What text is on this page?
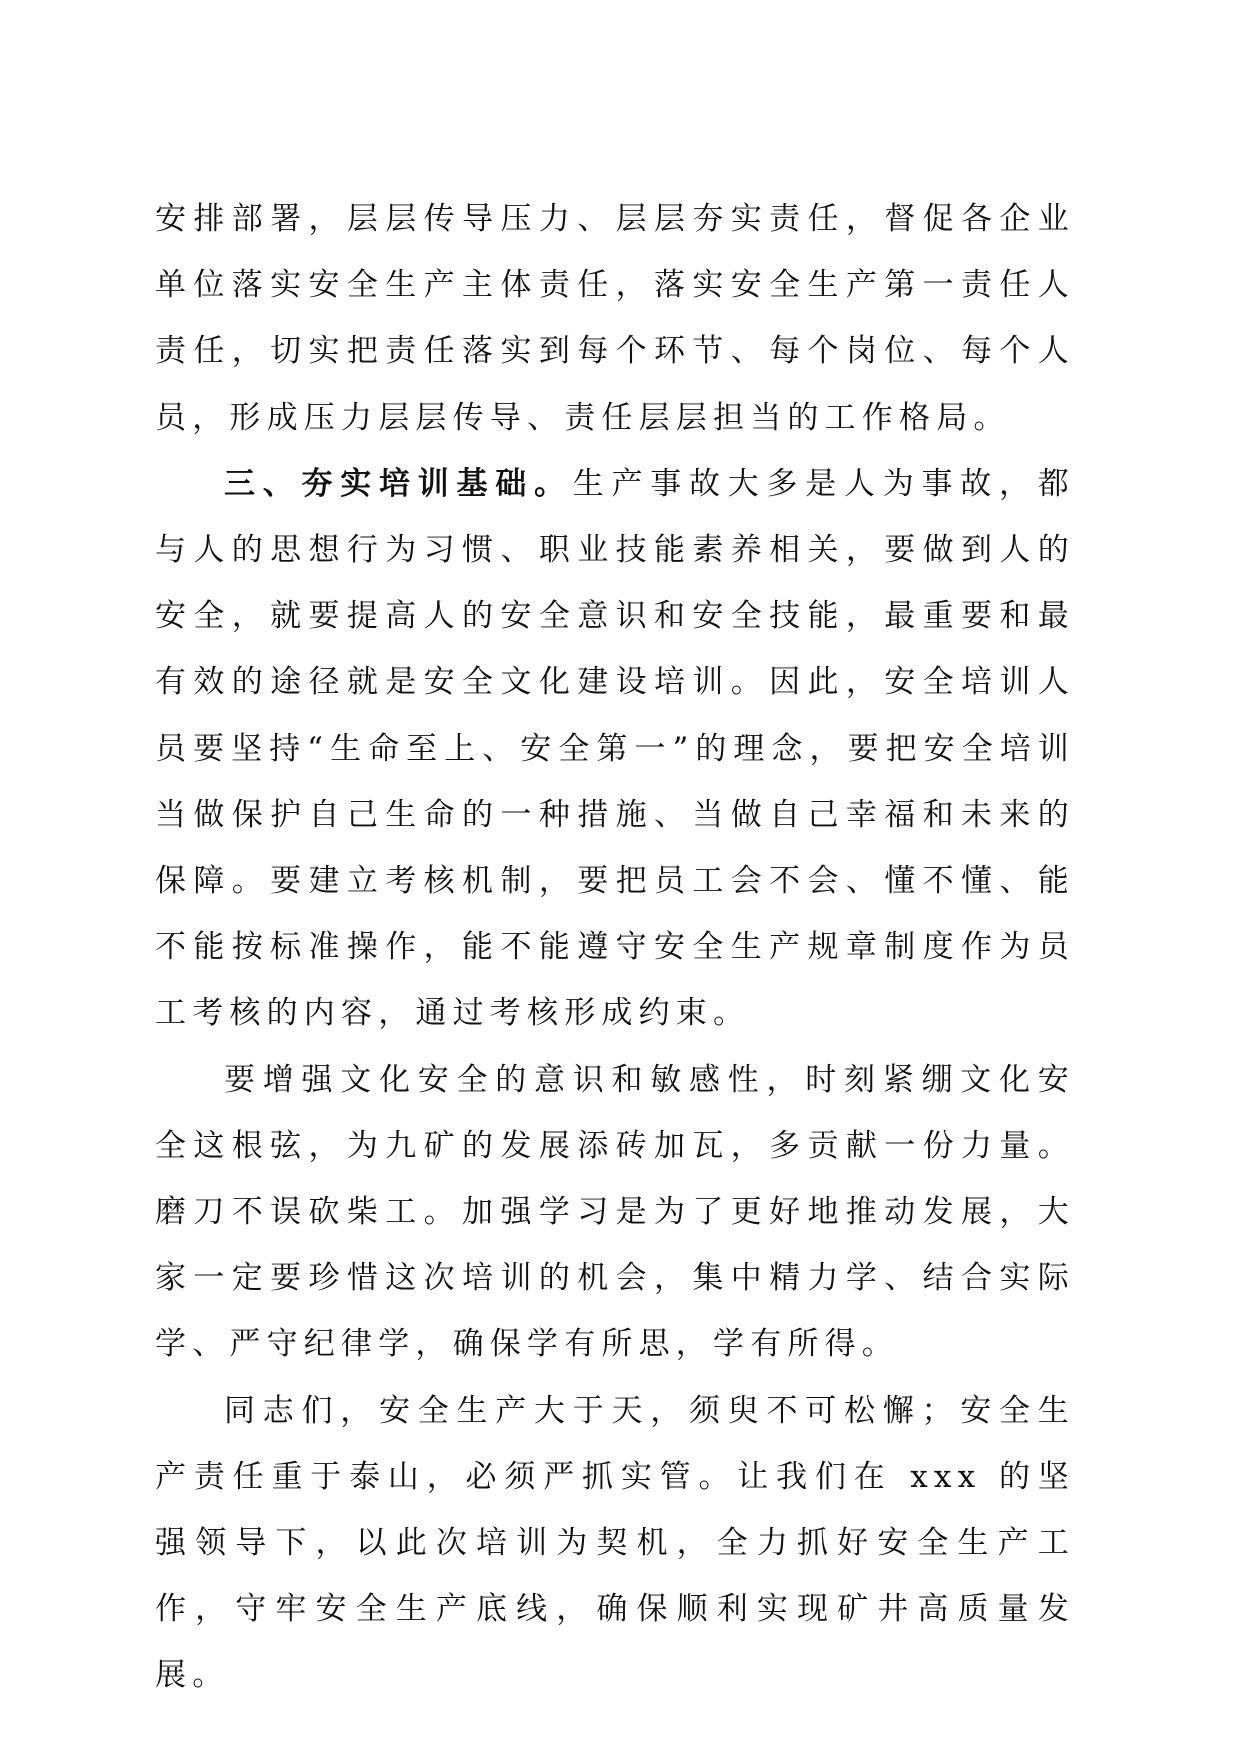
安排部署，层层传导压力、层层夯实责任，督促各企业单位落实安全生产主体责任，落实安全生产第一责任人责任，切实把责任落实到每个环节、每个岗位、每个人员，形成压力层层传导、责任层层担当的工作格局。

三、夯实培训基础。生产事故大多是人为事故，都与人的思想行为习惯、职业技能素养相关，要做到人的安全，就要提高人的安全意识和安全技能，最重要和最有效的途径就是安全文化建设培训。因此，安全培训人员要坚持“生命至上、安全第一”的理念，要把安全培训当做保护自己生命的一种措施、当做自己幸福和未来的保障。要建立考核机制，要把员工会不会、懂不懂、能不能按标准操作，能不能遵守安全生产规章制度作为员工考核的内容，通过考核形成约束。

要增强文化安全的意识和敏感性，时刻紧绷文化安全这根弦，为九矿的发展添砖加瓦，多贡献一份力量。磨刀不误砍柴工。加强学习是为了更好地推动发展，大家一定要珍惜这次培训的机会，集中精力学、结合实际学、严守纪律学，确保学有所思，学有所得。

同志们，安全生产大于天，须臾不可松懈；安全生产责任重于泰山，必须严抓实管。让我们在 xxx 的坚强领导下，以此次培训为契机，全力抓好安全生产工作，守牢安全生产底线，确保顺利实现矿井高质量发展。
